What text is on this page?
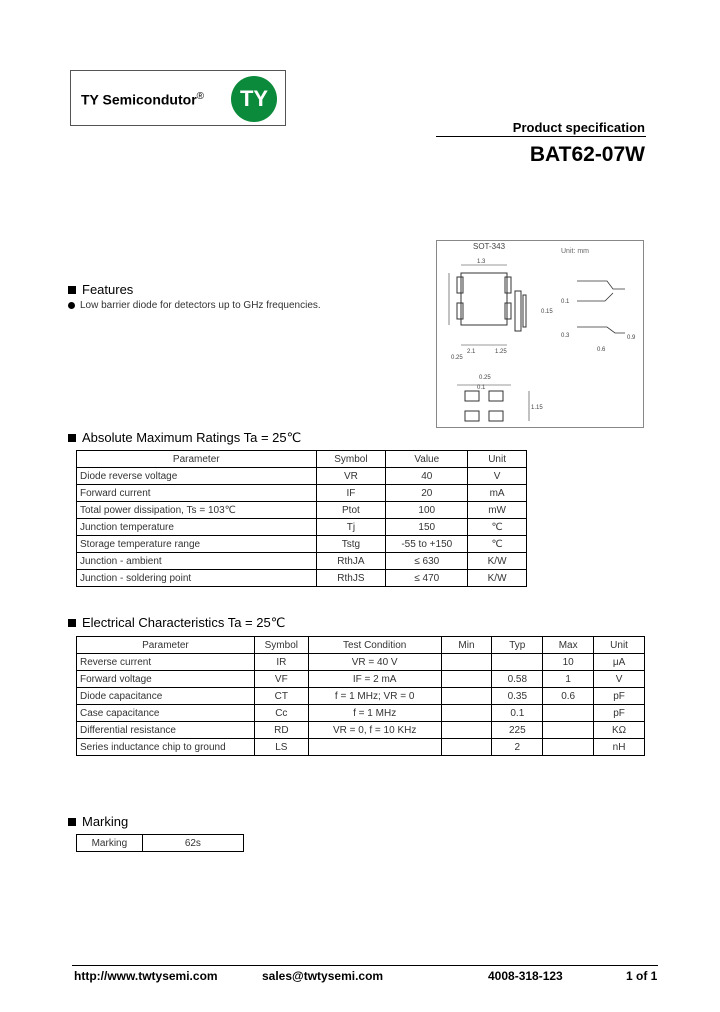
TY Semicondutor®	TY
Product specification
BAT62-07W
SOT-343
Unit: mm
1.3
2.1	1.25
0.15
0.1
0.3	0.9
0.6
0.25
0.1
1.15
0.25
Features
Low barrier diode for detectors up to GHz frequencies.
Absolute Maximum Ratings Ta = 25℃
Parameter	Symbol	Value	Unit
Diode reverse voltage	VR	40	V
Forward current	IF	20	mA
Total power dissipation, Ts = 103℃	Ptot	100	mW
Junction temperature	Tj	150	℃
Storage temperature range	Tstg	-55 to +150	℃
Junction - ambient	RthJA	≤ 630	K/W
Junction - soldering point	RthJS	≤ 470	K/W
Electrical Characteristics Ta = 25℃
Parameter	Symbol	Test Condition	Min	Typ	Max	Unit
Reverse current	IR	VR = 40 V			10	μA
Forward voltage	VF	IF = 2 mA		0.58	1	V
Diode capacitance	CT	f = 1 MHz; VR = 0		0.35	0.6	pF
Case capacitance	Cc	f = 1 MHz		0.1		pF
Differential resistance	RD	VR = 0, f = 10 KHz		225		KΩ
Series inductance chip to ground	LS			2		nH
Marking
Marking	62s
http://www.twtysemi.com	sales@twtysemi.com	4008-318-123	1 of 1
